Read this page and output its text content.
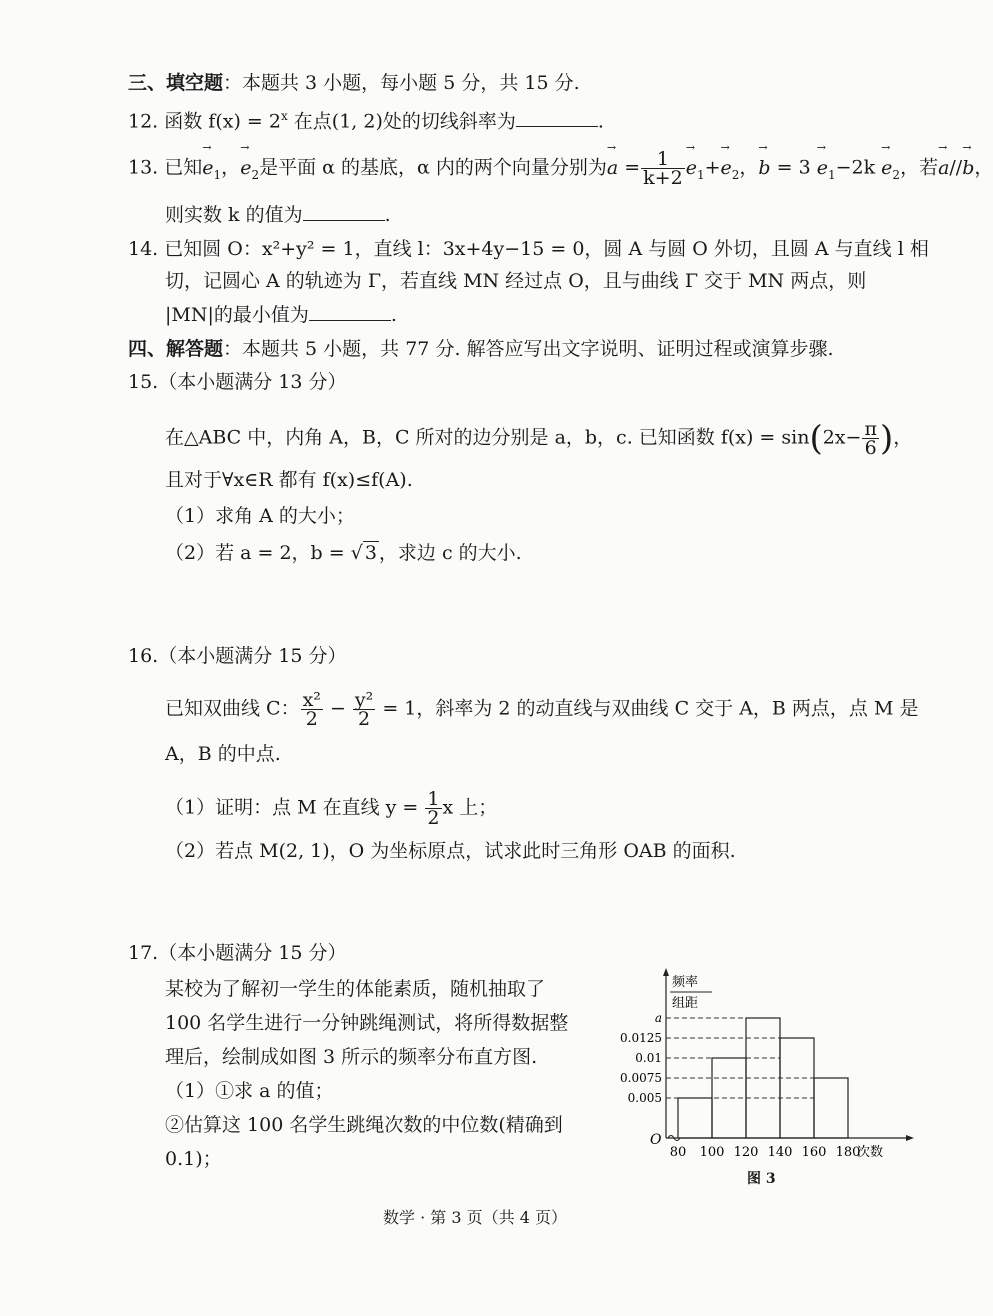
三、填空题：本题共 3 小题，每小题 5 分，共 15 分.
12. 函数 $f(x) = 2^x$ 在点(1, 2)处的切线斜率为	.
13. 已知→ $e_1$，→ $e_2$是平面 α 的基底，α 内的两个向量分别为→ $a = \frac{1}{k+2}$
→ $e_1+\to e_2$，→ $b = 3 \to e_1-2k \to e_2$，若→ a//→ b，
则实数 k 的值为	.
14. 已知圆 O：x²+y² = 1，直线 l：3x+4y−15 = 0，圆 A 与圆 O 外切，且圆 A 与直线 l 相
切，记圆心 A 的轨迹为 Γ，若直线 MN 经过点 O，且与曲线 Γ 交于 MN 两点，则
|MN|的最小值为	.
四、解答题：本题共 5 小题，共 77 分. 解答应写出文字说明、证明过程或演算步骤.
15.（本小题满分 13 分）
在△ABC 中，内角 A，B，C 所对的边分别是 a，b，c. 已知函数 $f(x) = \sin(2x- \frac{\pi}{6}$ )，
且对于∀x∈R 都有 f(x)≤f(A).
（1）求角 A 的大小；
（2）若 a = 2，b = √ 3 ，求边 c 的大小.
16.（本小题满分 15 分）
已知双曲线 C： $\frac{\text{x²}}{2} - \frac{\text{y²}}{2} = 1$，斜率为 2 的动直线与双曲线 C 交于 A，B 两点，点 M 是
A，B 的中点.
（1）证明：点 M 在直线 $y = \frac{1}{2}$ x 上；
（2）若点 M(2, 1)，O 为坐标原点，试求此时三角形 OAB 的面积.
17.（本小题满分 15 分）
某校为了解初一学生的体能素质，随机抽取了
100 名学生进行一分钟跳绳测试，将所得数据整
理后，绘制成如图 3 所示的频率分布直方图.
（1）①求 a 的值；
②估算这 100 名学生跳绳次数的中位数(精确到
0.1)；
O
频率
组距
a
0.0125
0.01
0.0075
0.005
80 100 120 140 160 180
次数
图 3
数学 · 第 3 页（共 4 页）
